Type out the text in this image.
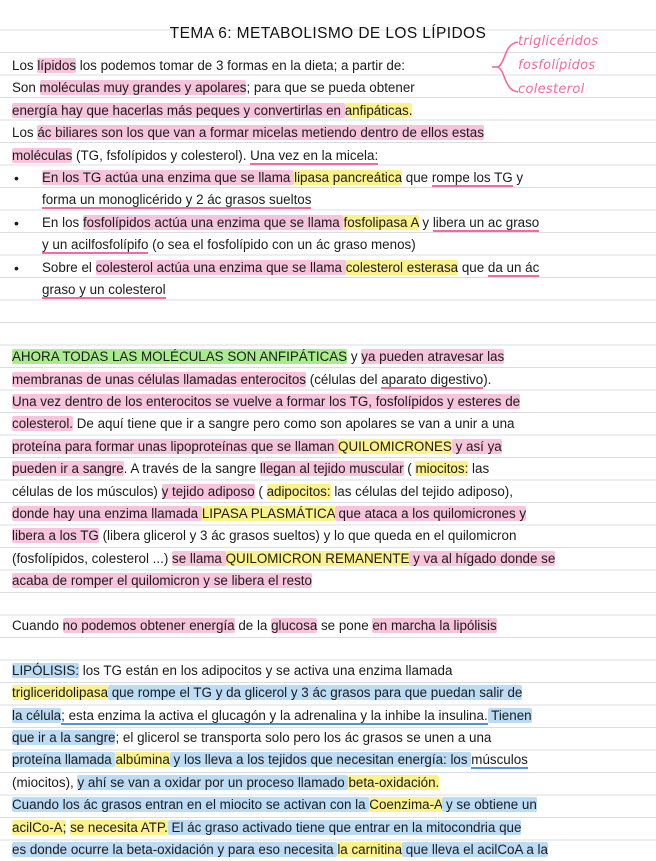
TEMA 6: METABOLISMO DE LOS LÍPIDOS	triglicéridos
fosfolípidos
colesterol
Los lípidos los podemos tomar de 3 formas en la dieta; a partir de:
Son moléculas muy grandes y apolares; para que se pueda obtener
energía hay que hacerlas más peques y convertirlas en anfipáticas.
Los ác biliares son los que van a formar micelas metiendo dentro de ellos estas
moléculas (TG, fsfolípidos y colesterol). Una vez en la micela:
•	En los TG actúa una enzima que se llama lipasa pancreática que rompe los TG y
forma un monoglicérido y 2 ác grasos sueltos
•	En los fosfolípidos actúa una enzima que se llama fosfolipasa A y libera un ac graso
y un acilfosfolípifo (o sea el fosfolípido con un ác graso menos)
•	Sobre el colesterol actúa una enzima que se llama colesterol esterasa que da un ác
graso y un colesterol
AHORA TODAS LAS MOLÉCULAS SON ANFIPÁTICAS y ya pueden atravesar las
membranas de unas células llamadas enterocitos (células del aparato digestivo).
Una vez dentro de los enterocitos se vuelve a formar los TG, fosfolípidos y esteres de
colesterol. De aquí tiene que ir a sangre pero como son apolares se van a unir a una
proteína para formar unas lipoproteínas que se llaman QUILOMICRONES y así ya
pueden ir a sangre. A través de la sangre llegan al tejido muscular ( miocitos: las
células de los músculos) y tejido adiposo ( adipocitos: las células del tejido adiposo),
donde hay una enzima llamada LIPASA PLASMÁTICA que ataca a los quilomicrones y
libera a los TG (libera glicerol y 3 ác grasos sueltos) y lo que queda en el quilomicron
(fosfolípidos, colesterol ...) se llama QUILOMICRON REMANENTE y va al hígado donde se
acaba de romper el quilomicron y se libera el resto
Cuando no podemos obtener energía de la glucosa se pone en marcha la lipólisis
LIPÓLISIS: los TG están en los adipocitos y se activa una enzima llamada
trigliceridolipasa que rompe el TG y da glicerol y 3 ác grasos para que puedan salir de
la célula; esta enzima la activa el glucagón y la adrenalina y la inhibe la insulina. Tienen
que ir a la sangre; el glicerol se transporta solo pero los ác grasos se unen a una
proteína llamada albúmina y los lleva a los tejidos que necesitan energía: los músculos
(miocitos), y ahí se van a oxidar por un proceso llamado beta-oxidación.
Cuando los ác grasos entran en el miocito se activan con la Coenzima-A y se obtiene un
acilCo-A; se necesita ATP. El ác graso activado tiene que entrar en la mitocondria que
es donde ocurre la beta-oxidación y para eso necesita la carnitina que lleva el acilCoA a la
